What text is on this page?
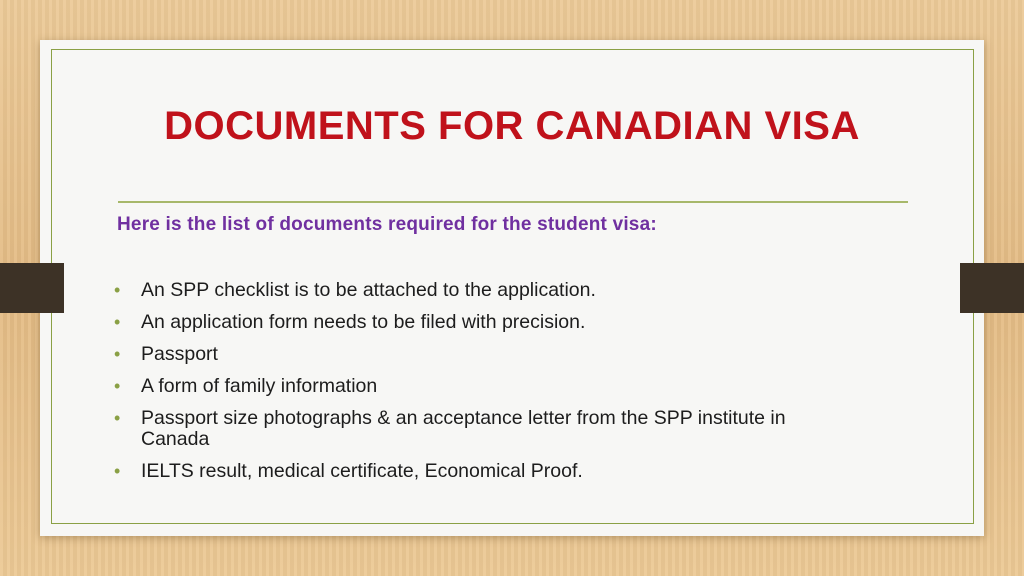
DOCUMENTS FOR CANADIAN VISA

Here is the list of documents required for the student visa:

• An SPP checklist is to be attached to the application.
• An application form needs to be filed with precision.
• Passport
• A form of family information
• Passport size photographs & an acceptance letter from the SPP institute in Canada
• IELTS result, medical certificate, Economical Proof.
